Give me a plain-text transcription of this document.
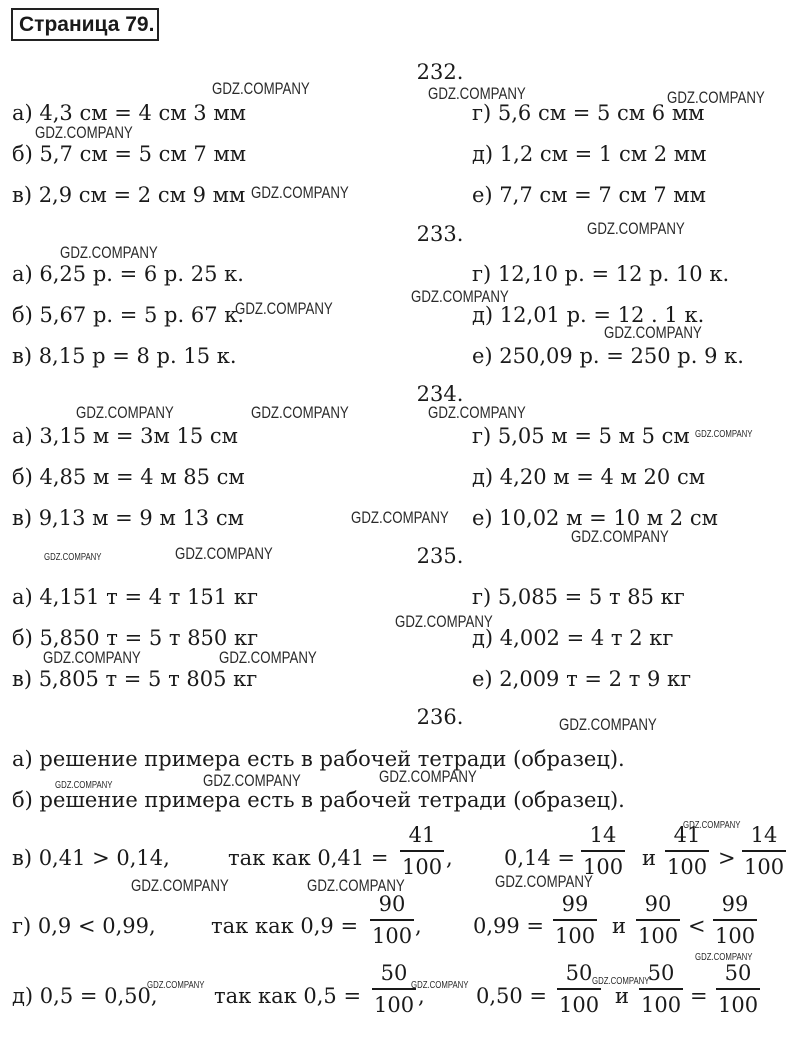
Страница 79.
232.
а) 4,3 см = 4 см 3 мм
б) 5,7 см = 5 см 7 мм
в) 2,9 см = 2 см 9 мм
г) 5,6 см = 5 см 6 мм
д) 1,2 см = 1 см 2 мм
е) 7,7 см = 7 см 7 мм
233.
а) 6,25 р. = 6 р. 25 к.
б) 5,67 р. = 5 р. 67 к.
в) 8,15 р = 8 р. 15 к.
г) 12,10 р. = 12 р. 10 к.
д) 12,01 р. = 12 . 1 к.
е) 250,09 р. = 250 р. 9 к.
234.
а) 3,15 м = 3м 15 см
б) 4,85 м = 4 м 85 см
в) 9,13 м = 9 м 13 см
г) 5,05 м = 5 м 5 см
д) 4,20 м = 4 м 20 см
е) 10,02 м = 10 м 2 см
235.
а) 4,151 т = 4 т 151 кг
б) 5,850 т = 5 т 850 кг
в) 5,805 т = 5 т 805 кг
г) 5,085 = 5 т 85 кг
д) 4,002 = 4 т 2 кг
е) 2,009 т = 2 т 9 кг
236.
а) решение примера есть в рабочей тетради (образец).
б) решение примера есть в рабочей тетради (образец).
в) 0,41 > 0,14,	так как $0,41 = \frac{41}{100}$ , $0,14 = \frac{14}{100}$ и $\frac{41}{100} > \frac{14}{100}$
г) 0,9 < 0,99,	так как $0,9 = \frac{90}{100}$ , $0,99 = \frac{99}{100}$ и $\frac{90}{100} < \frac{99}{100}$
д) 0,5 = 0,50,	так как $0,5 = \frac{50}{100}$ , $0,50 = \frac{50}{100}$ и $\frac{50}{100} = \frac{50}{100}$
GDZ.COMPANY	GDZ.COMPANY	GDZ.COMPANY
GDZ.COMPANY
GDZ.COMPANY
GDZ.COMPANY
GDZ.COMPANY
GDZ.COMPANY
GDZ.COMPANY
GDZ.COMPANY
GDZ.COMPANY	GDZ.COMPANY	GDZ.COMPANY
GDZ.COMPANY
GDZ.COMPANY
GDZ.COMPANY
GDZ.COMPANY	GDZ.COMPANY
GDZ.COMPANY
GDZ.COMPANY	GDZ.COMPANY
GDZ.COMPANY
GDZ.COMPANY	GDZ.COMPANY	GDZ.COMPANY
GDZ.COMPANY
GDZ.COMPANY	GDZ.COMPANY	GDZ.COMPANY
GDZ.COMPANY
GDZ.COMPANY	GDZ.COMPANY	GDZ.COMPANY
